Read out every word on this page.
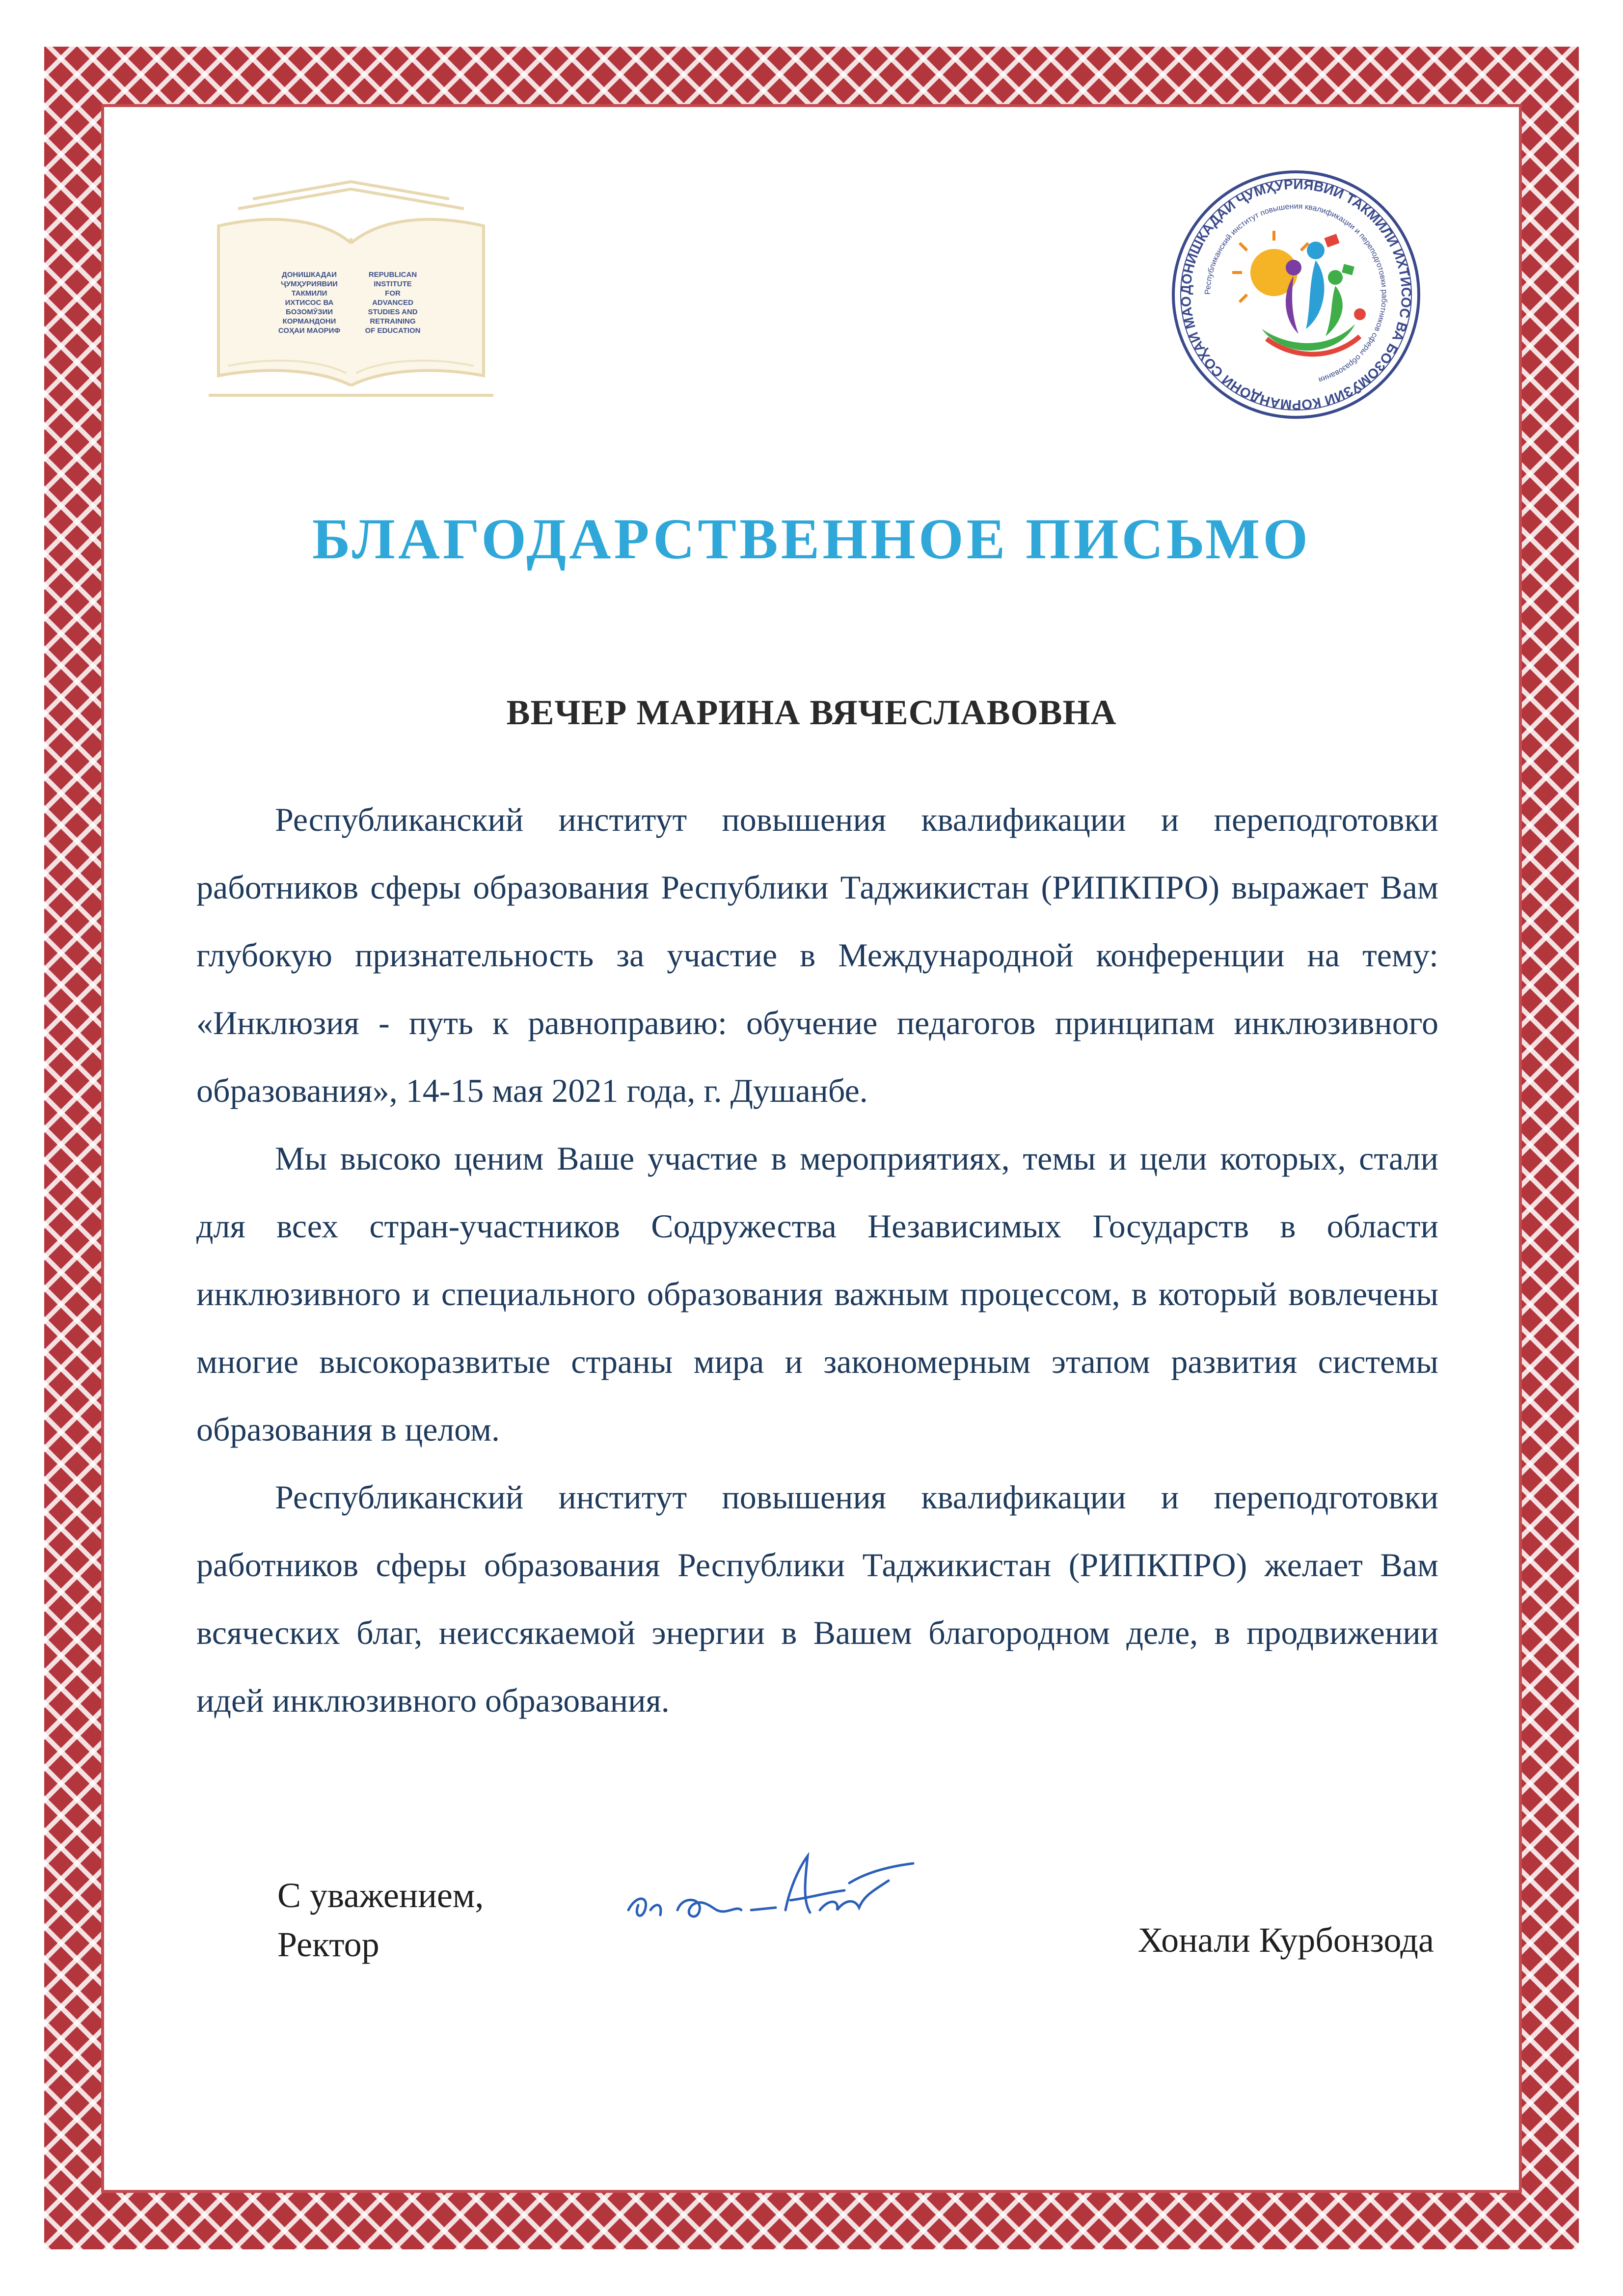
ДОНИШКАДАИ
ҶУМҲУРИЯВИИ
ТАКМИЛИ
ИХТИСОС ВА
БОЗОМӮЗИИ
КОРМАНДОНИ
СОҲАИ МАОРИФ
REPUBLICAN
INSTITUTE
FOR
ADVANCED
STUDIES AND
RETRAINING
OF EDUCATION
ДОНИШКАДАИ ҶУМҲУРИЯВИИ ТАКМИЛИ ИХТИСОС ВА БОЗОМӮЗИИ КОРМАНДОНИ СОҲАИ МАО
Республиканский институт повышения квалификации и переподготовки работников сферы образования
БЛАГОДАРСТВЕННОЕ ПИСЬМО
ВЕЧЕР МАРИНА ВЯЧЕСЛАВОВНА

Республиканский институт повышения квалификации и переподготовки работников сферы образования Республики Таджикистан (РИПКПРО) выражает Вам глубокую признательность за участие в Международной конференции на тему: «Инклюзия - путь к равноправию: обучение педагогов принципам инклюзивного образования», 14-15 мая 2021 года, г. Душанбе.

Мы высоко ценим Ваше участие в мероприятиях, темы и цели которых, стали для всех стран-участников Содружества Независимых Государств в области инклюзивного и специального образования важным процессом, в который вовлечены многие высокоразвитые страны мира и закономерным этапом развития системы образования в целом.

Республиканский институт повышения квалификации и переподготовки работников сферы образования Республики Таджикистан (РИПКПРО) желает Вам всяческих благ, неиссякаемой энергии в Вашем благородном деле, в продвижении идей инклюзивного образования.

С уважением,
Ректор	Хонали Курбонзода
